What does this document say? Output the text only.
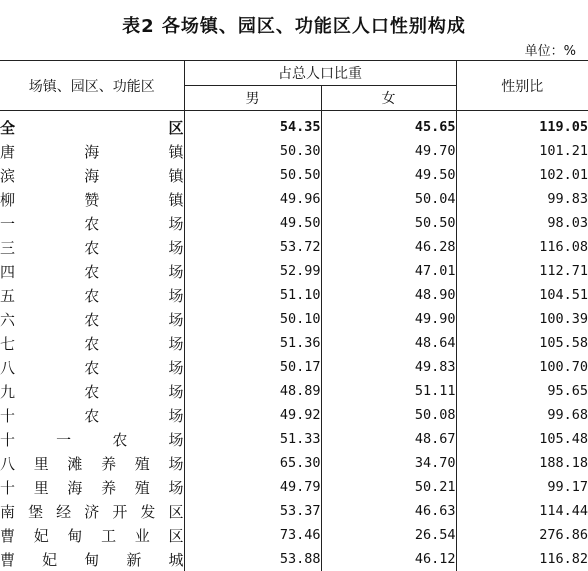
表2 各场镇、园区、功能区人口性别构成
单位：%
场镇、园区、功能区	占总人口比重		性别比
	男	女	
全区	54.35	45.65	119.05
唐海镇	50.30	49.70	101.21
滨海镇	50.50	49.50	102.01
柳赞镇	49.96	50.04	99.83
一农场	49.50	50.50	98.03
三农场	53.72	46.28	116.08
四农场	52.99	47.01	112.71
五农场	51.10	48.90	104.51
六农场	50.10	49.90	100.39
七农场	51.36	48.64	105.58
八农场	50.17	49.83	100.70
九农场	48.89	51.11	95.65
十农场	49.92	50.08	99.68
十一农场	51.33	48.67	105.48
八里滩养殖场	65.30	34.70	188.18
十里海养殖场	49.79	50.21	99.17
南堡经济开发区	53.37	46.63	114.44
曹妃甸工业区	73.46	26.54	276.86
曹妃甸新城	53.88	46.12	116.82
